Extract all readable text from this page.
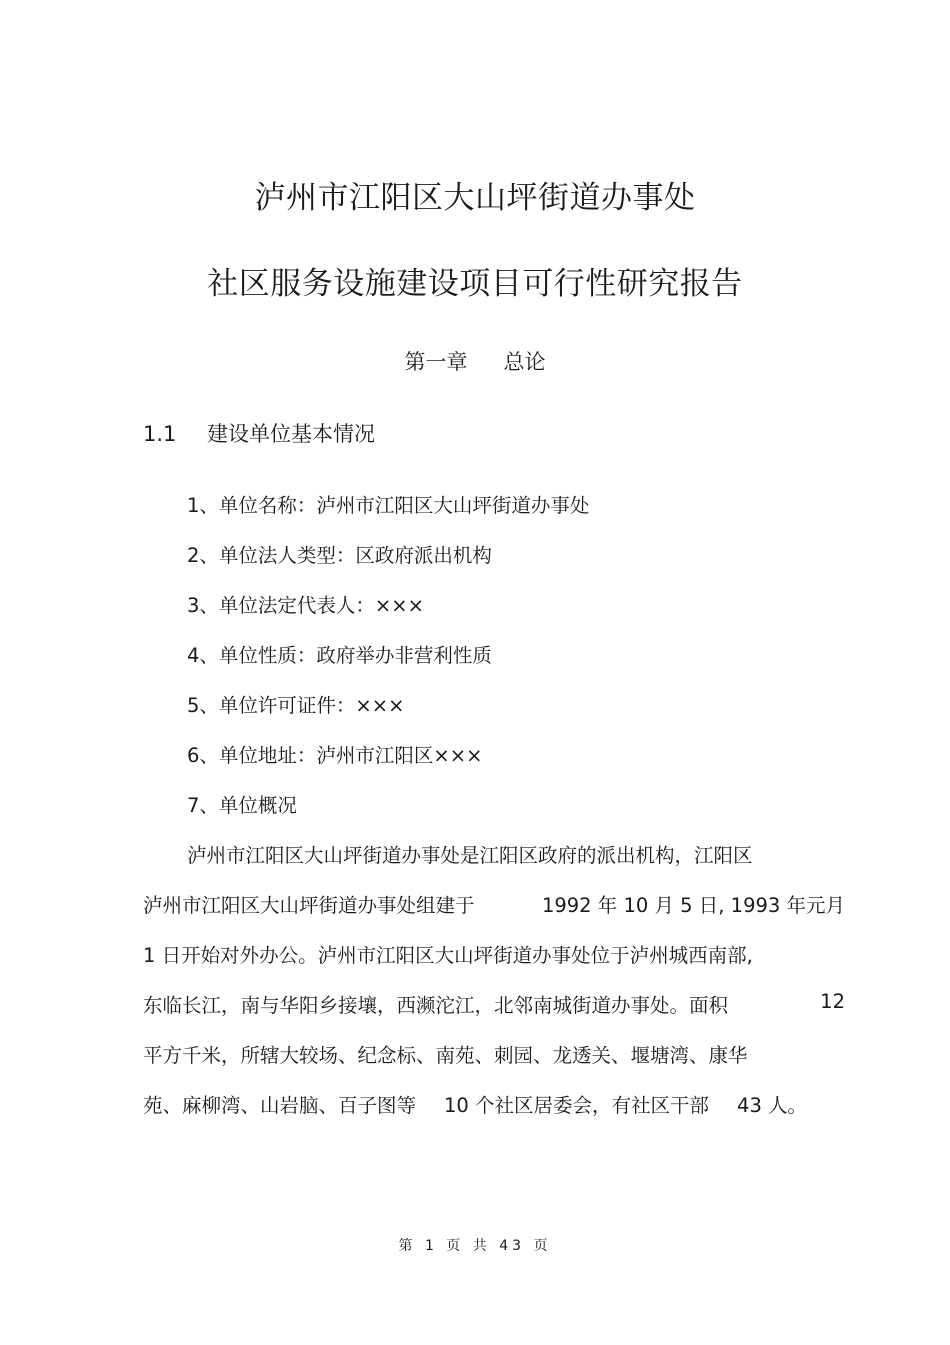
泸州市江阳区大山坪街道办事处
社区服务设施建设项目可行性研究报告
第一章 总论
1.1 建设单位基本情况
1、单位名称：泸州市江阳区大山坪街道办事处
2、单位法人类型：区政府派出机构
3、单位法定代表人：×××
4、单位性质：政府举办非营利性质
5、单位许可证件：×××
6、单位地址：泸州市江阳区×××
7、单位概况
泸州市江阳区大山坪街道办事处是江阳区政府的派出机构，江阳区
泸州市江阳区大山坪街道办事处组建于	1992 年 10 月 5 日, 1993 年元月
1 日开始对外办公。泸州市江阳区大山坪街道办事处位于泸州城西南部,
东临长江，南与华阳乡接壤，西濒沱江，北邻南城街道办事处。面积	12
平方千米，所辖大较场、纪念标、南苑、刺园、龙透关、堰塘湾、康华
苑、麻柳湾、山岩脑、百子图等 10 个社区居委会，有社区干部 43 人。
第 1 页 共 43 页
